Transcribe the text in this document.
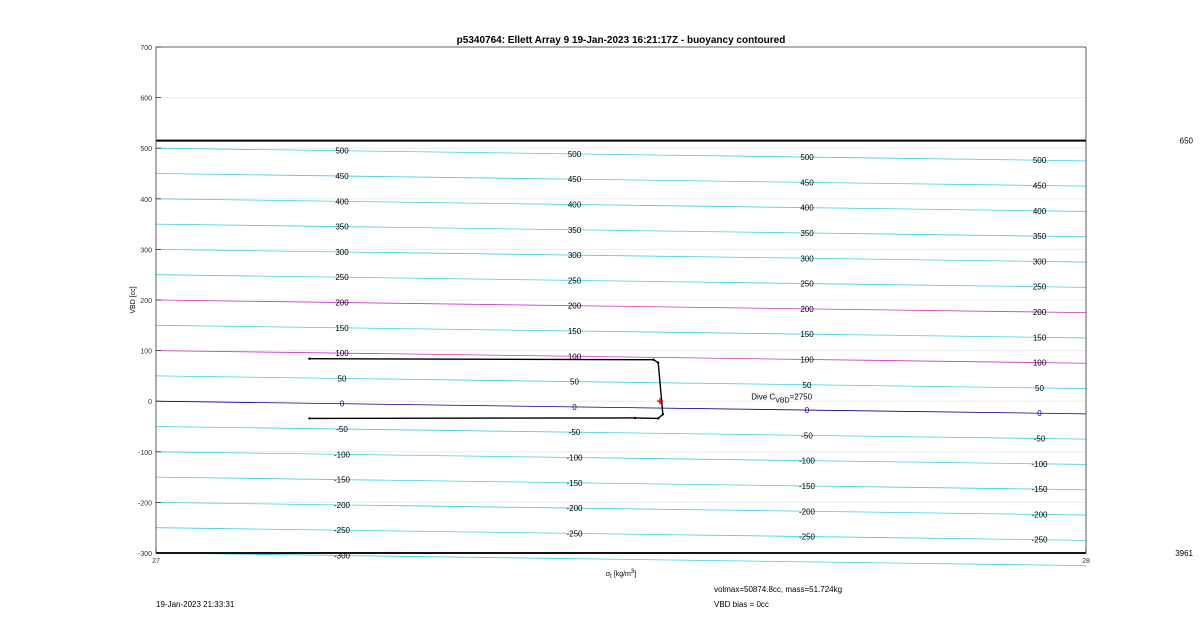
p5340764: Ellett Array 9 19-Jan-2023 16:21:17Z - buoyancy contoured
650
3961
-300
-250
-200
-150
-100
-50
0
50
100
150
200
250
300
350
400
450
500
-250
-200
-150
-100
-50
0
50
100
150
200
250
300
350
400
450
500
-250
-200
-150
-100
-50
0
50
100
150
200
250
300
350
400
450
500
-250
-200
-150
-100
-50
0
50
100
150
200
250
300
350
400
450
500
-300
-200
-100
0
100
200
300
400
500
600
700
27	28
Dive CVBD=2750
VBD [cc]
σt [kg/m3]
19-Jan-2023 21:33:31
volmax=50874.8cc, mass=51.724kg
VBD bias = 0cc
